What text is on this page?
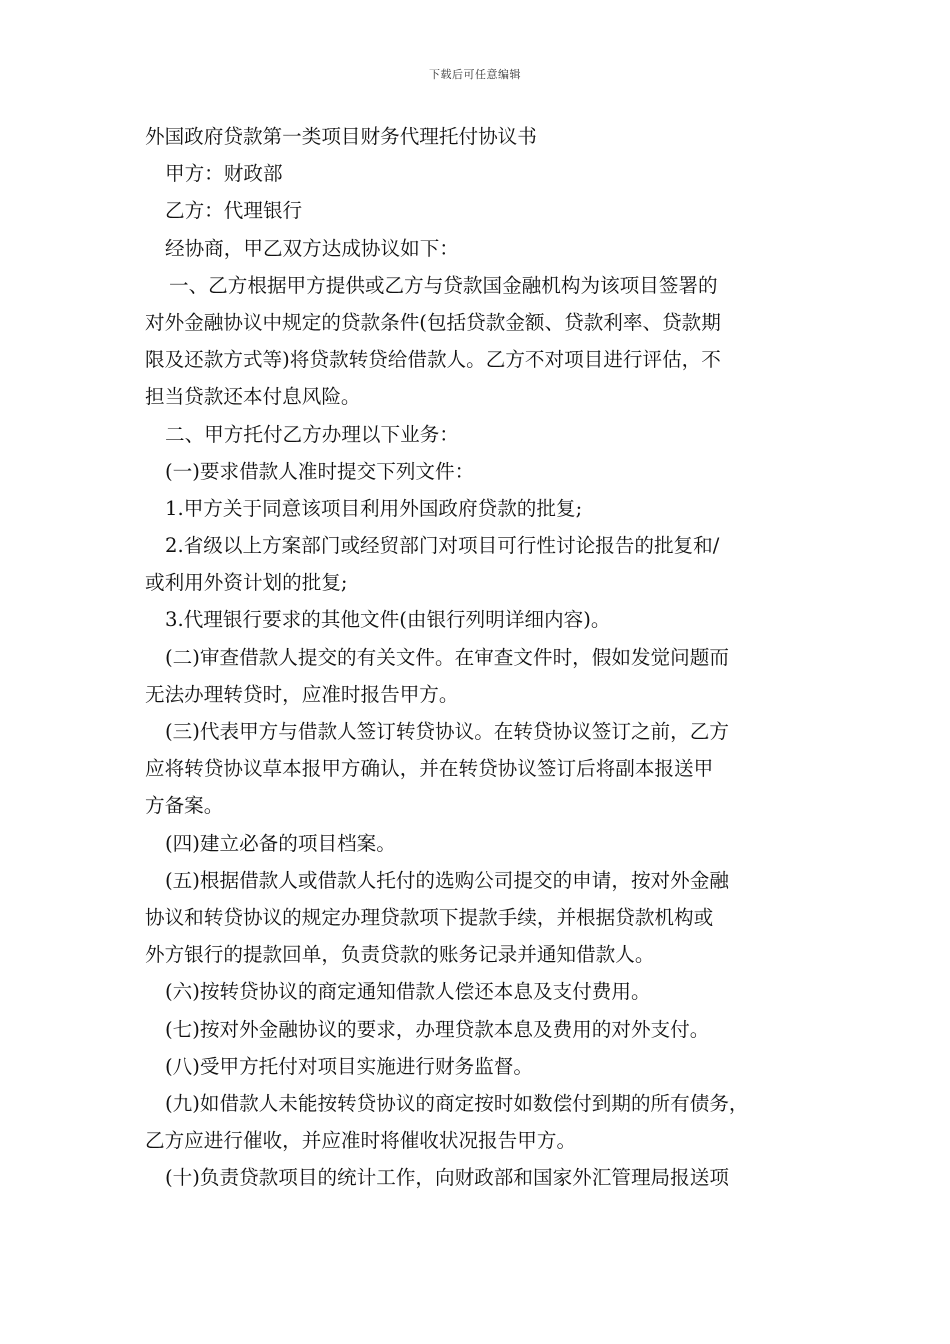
下载后可任意编辑
外国政府贷款第一类项目财务代理托付协议书
甲方：财政部
乙方：代理银行
经协商，甲乙双方达成协议如下：
一、乙方根据甲方提供或乙方与贷款国金融机构为该项目签署的
对外金融协议中规定的贷款条件(包括贷款金额、贷款利率、贷款期
限及还款方式等)将贷款转贷给借款人。乙方不对项目进行评估，不
担当贷款还本付息风险。
二、甲方托付乙方办理以下业务：
(一)要求借款人准时提交下列文件：
1.甲方关于同意该项目利用外国政府贷款的批复;
2.省级以上方案部门或经贸部门对项目可行性讨论报告的批复和/
或利用外资计划的批复;
3.代理银行要求的其他文件(由银行列明详细内容)。
(二)审查借款人提交的有关文件。在审查文件时，假如发觉问题而
无法办理转贷时，应准时报告甲方。
(三)代表甲方与借款人签订转贷协议。在转贷协议签订之前，乙方
应将转贷协议草本报甲方确认，并在转贷协议签订后将副本报送甲
方备案。
(四)建立必备的项目档案。
(五)根据借款人或借款人托付的选购公司提交的申请，按对外金融
协议和转贷协议的规定办理贷款项下提款手续，并根据贷款机构或
外方银行的提款回单，负责贷款的账务记录并通知借款人。
(六)按转贷协议的商定通知借款人偿还本息及支付费用。
(七)按对外金融协议的要求，办理贷款本息及费用的对外支付。
(八)受甲方托付对项目实施进行财务监督。
(九)如借款人未能按转贷协议的商定按时如数偿付到期的所有债务，
乙方应进行催收，并应准时将催收状况报告甲方。
(十)负责贷款项目的统计工作，向财政部和国家外汇管理局报送项
